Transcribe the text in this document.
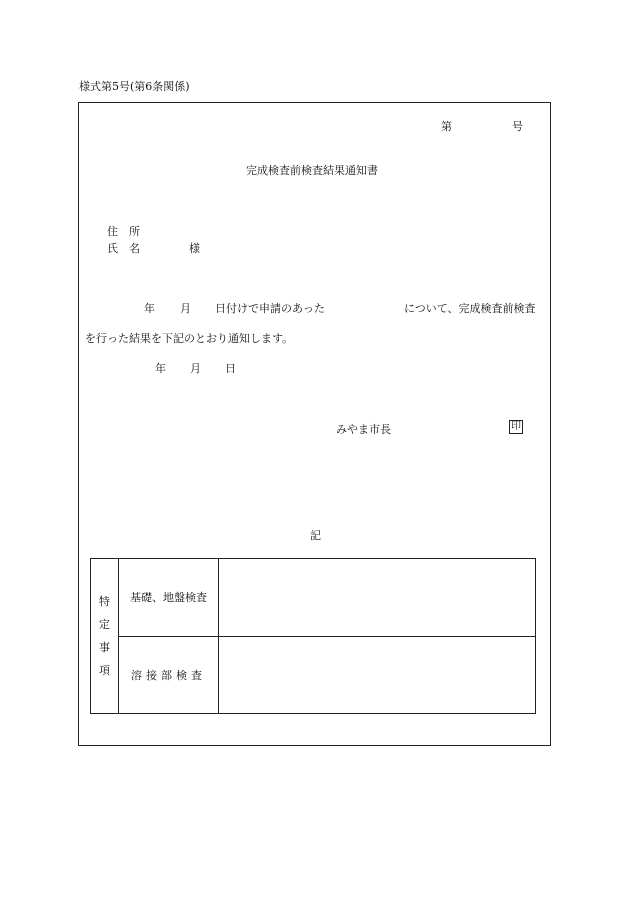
様式第5号(第6条関係)
第	号
完成検査前検査結果通知書
住　所
氏　名	様
年 月 日付けで申請のあった	について、完成検査前検査
を行った結果を下記のとおり通知します。
年 月 日
みやま市長	印
記
特
定
事
項	基礎、地盤検査	
	溶接部検査	
